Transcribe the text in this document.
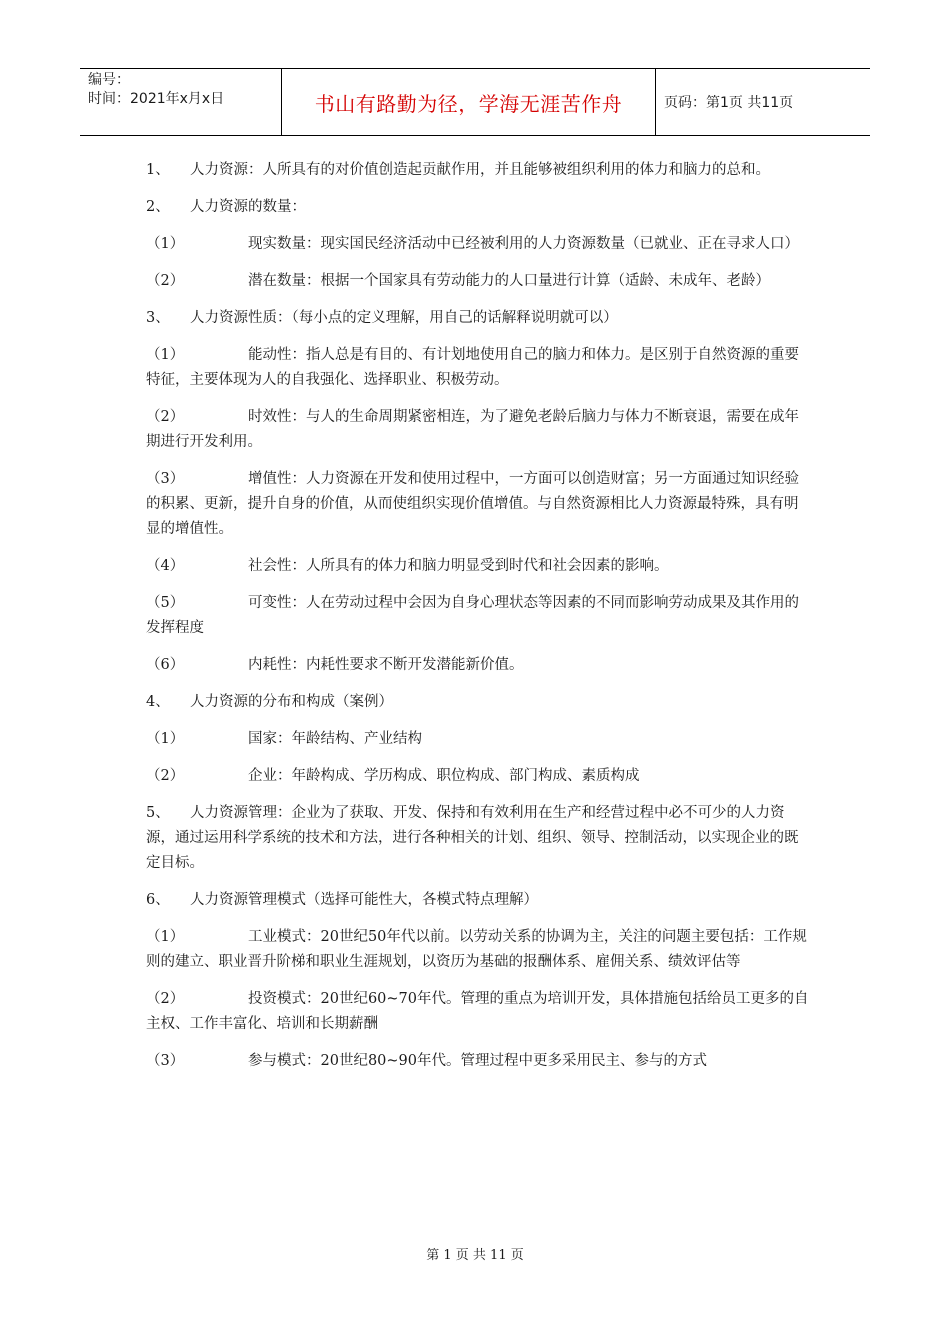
编号：
时间：2021年x月x日	书山有路勤为径，学海无涯苦作舟	页码：第1页 共11页

1、 人力资源：人所具有的对价值创造起贡献作用，并且能够被组织利用的体力和脑力的总和。

2、 人力资源的数量：

（1）	现实数量：现实国民经济活动中已经被利用的人力资源数量（已就业、正在寻求人口）

（2）	潜在数量：根据一个国家具有劳动能力的人口量进行计算（适龄、未成年、老龄）

3、 人力资源性质：（每小点的定义理解，用自己的话解释说明就可以）

（1）	能动性：指人总是有目的、有计划地使用自己的脑力和体力。是区别于自然资源的重要特征，主要体现为人的自我强化、选择职业、积极劳动。

（2）	时效性：与人的生命周期紧密相连，为了避免老龄后脑力与体力不断衰退，需要在成年期进行开发利用。

（3）	增值性：人力资源在开发和使用过程中，一方面可以创造财富；另一方面通过知识经验的积累、更新，提升自身的价值，从而使组织实现价值增值。与自然资源相比人力资源最特殊，具有明显的增值性。

（4）	社会性：人所具有的体力和脑力明显受到时代和社会因素的影响。

（5）	可变性：人在劳动过程中会因为自身心理状态等因素的不同而影响劳动成果及其作用的发挥程度

（6）	内耗性：内耗性要求不断开发潜能新价值。

4、 人力资源的分布和构成（案例）

（1）	国家：年龄结构、产业结构

（2）	企业：年龄构成、学历构成、职位构成、部门构成、素质构成

5、 人力资源管理：企业为了获取、开发、保持和有效利用在生产和经营过程中必不可少的人力资源，通过运用科学系统的技术和方法，进行各种相关的计划、组织、领导、控制活动，以实现企业的既定目标。

6、 人力资源管理模式（选择可能性大，各模式特点理解）

（1）	工业模式：20世纪50年代以前。以劳动关系的协调为主，关注的问题主要包括：工作规则的建立、职业晋升阶梯和职业生涯规划，以资历为基础的报酬体系、雇佣关系、绩效评估等

（2）	投资模式：20世纪60~70年代。管理的重点为培训开发，具体措施包括给员工更多的自主权、工作丰富化、培训和长期薪酬

（3）	参与模式：20世纪80~90年代。管理过程中更多采用民主、参与的方式

第 1 页 共 11 页
